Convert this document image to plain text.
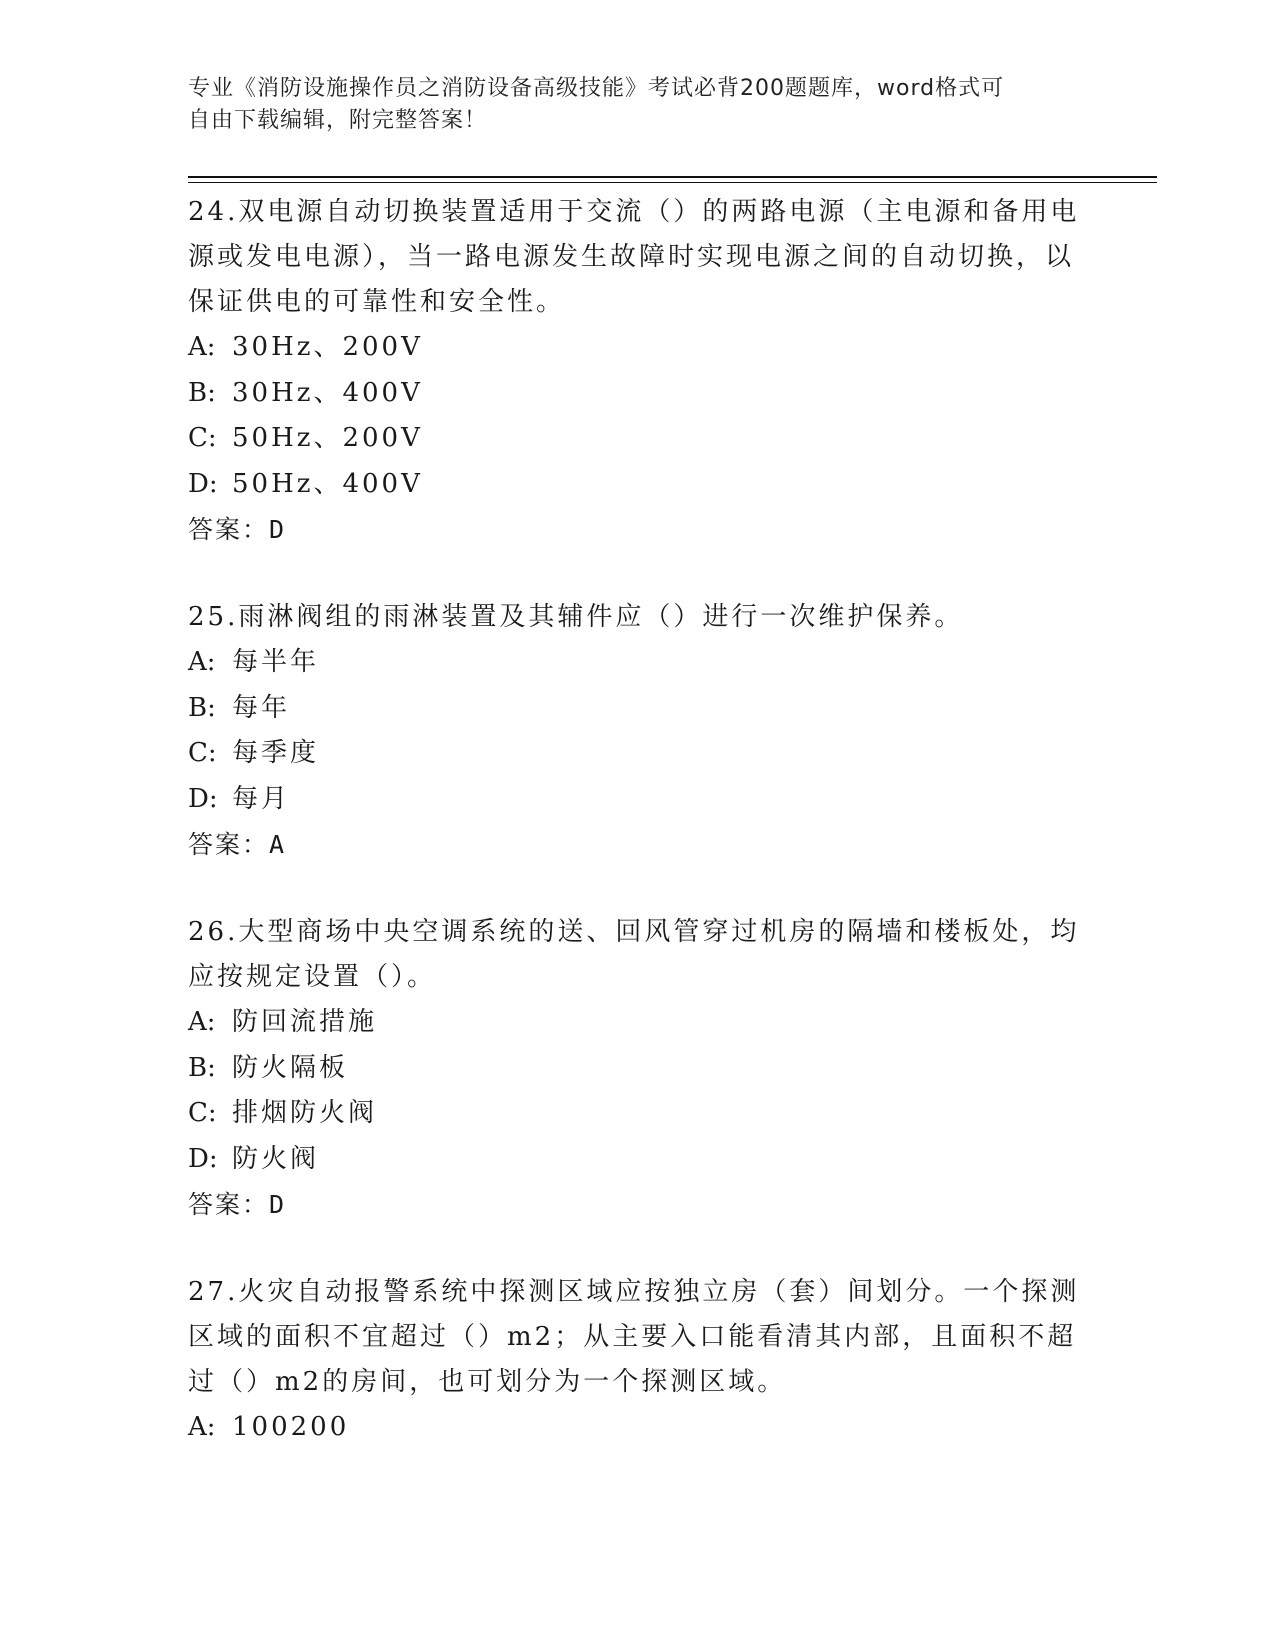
专业《消防设施操作员之消防设备高级技能》考试必背200题题库，word格式可
自由下载编辑，附完整答案！

24.双电源自动切换装置适用于交流（）的两路电源（主电源和备用电源或发电电源），当一路电源发生故障时实现电源之间的自动切换，以保证供电的可靠性和安全性。

A: 30Hz、200V

B: 30Hz、400V

C: 50Hz、200V

D: 50Hz、400V

答案：D

25.雨淋阀组的雨淋装置及其辅件应（）进行一次维护保养。

A: 每半年

B: 每年

C: 每季度

D: 每月

答案：A

26.大型商场中央空调系统的送、回风管穿过机房的隔墙和楼板处，均应按规定设置（）。

A: 防回流措施

B: 防火隔板

C: 排烟防火阀

D: 防火阀

答案：D

27.火灾自动报警系统中探测区域应按独立房（套）间划分。一个探测区域的面积不宜超过（）m2；从主要入口能看清其内部，且面积不超过（）m2的房间，也可划分为一个探测区域。

A: 100200
